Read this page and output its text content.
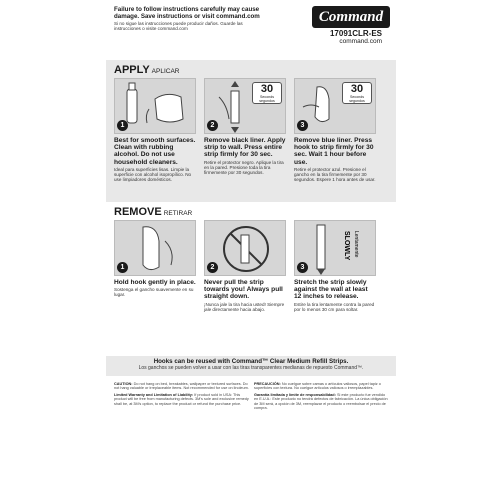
Failure to follow instructions carefully may cause damage. Save instructions or visit command.com
Si no sigue las instrucciones puede producir daños. Guarde las instrucciones o visite command.com
Command
17091CLR-ES
command.com
APPLY APLICAR
1
Best for smooth surfaces. Clean with rubbing alcohol. Do not use household cleaners.
Ideal para superficies lisas. Limpie la superficie con alcohol isopropílico. No use limpiadores domésticos.
30
Seconds segundos
2
Remove black liner. Apply strip to wall. Press entire strip firmly for 30 sec.
Retire el protector negro. Aplique la tira en la pared. Presione toda la tira firmemente por 30 segundos.
30
Seconds segundos
3
Remove blue liner. Press hook to strip firmly for 30 sec. Wait 1 hour before use.
Retire el protector azul. Presione el gancho en la tira firmemente por 30 segundos. Espere 1 hora antes de usar.
REMOVE RETIRAR
1
Hold hook gently in place.
Sostenga el gancho suavemente en su lugar.
2
Never pull the strip towards you! Always pull straight down.
¡Nunca jale la tira hacia usted! Siempre jale directamente hacia abajo.
SLOWLY Lentamente
3
Stretch the strip slowly against the wall at least 12 inches to release.
Estire la tira lentamente contra la pared por lo menos 30 cm para soltar.
Hooks can be reused with Command™ Clear Medium Refill Strips.
Los ganchos se pueden volver a usar con las tiras transparentes medianas de repuesto Command™.

CAUTION: Do not hang on bed, breakables, wallpaper or textured surfaces. Do not hang valuable or irreplaceable items. Not recommended for use on linoleum.

Limited Warranty and Limitation of Liability: If product sold in USA: This product will be free from manufacturing defects. 3M's sole and exclusive remedy shall be, at 3M's option, to replace the product or refund the purchase price.

PRECAUCIÓN: No cuelgue sobre camas o artículos valiosos, papel tapiz o superficies con textura. No cuelgue artículos valiosos o irremplazables.

Garantía limitada y límite de responsabilidad: Si este producto fue vendido en E.U.A.: Este producto no tendrá defectos de fabricación. La única obligación de 3M será, a opción de 3M, reemplazar el producto o reembolsar el precio de compra.
